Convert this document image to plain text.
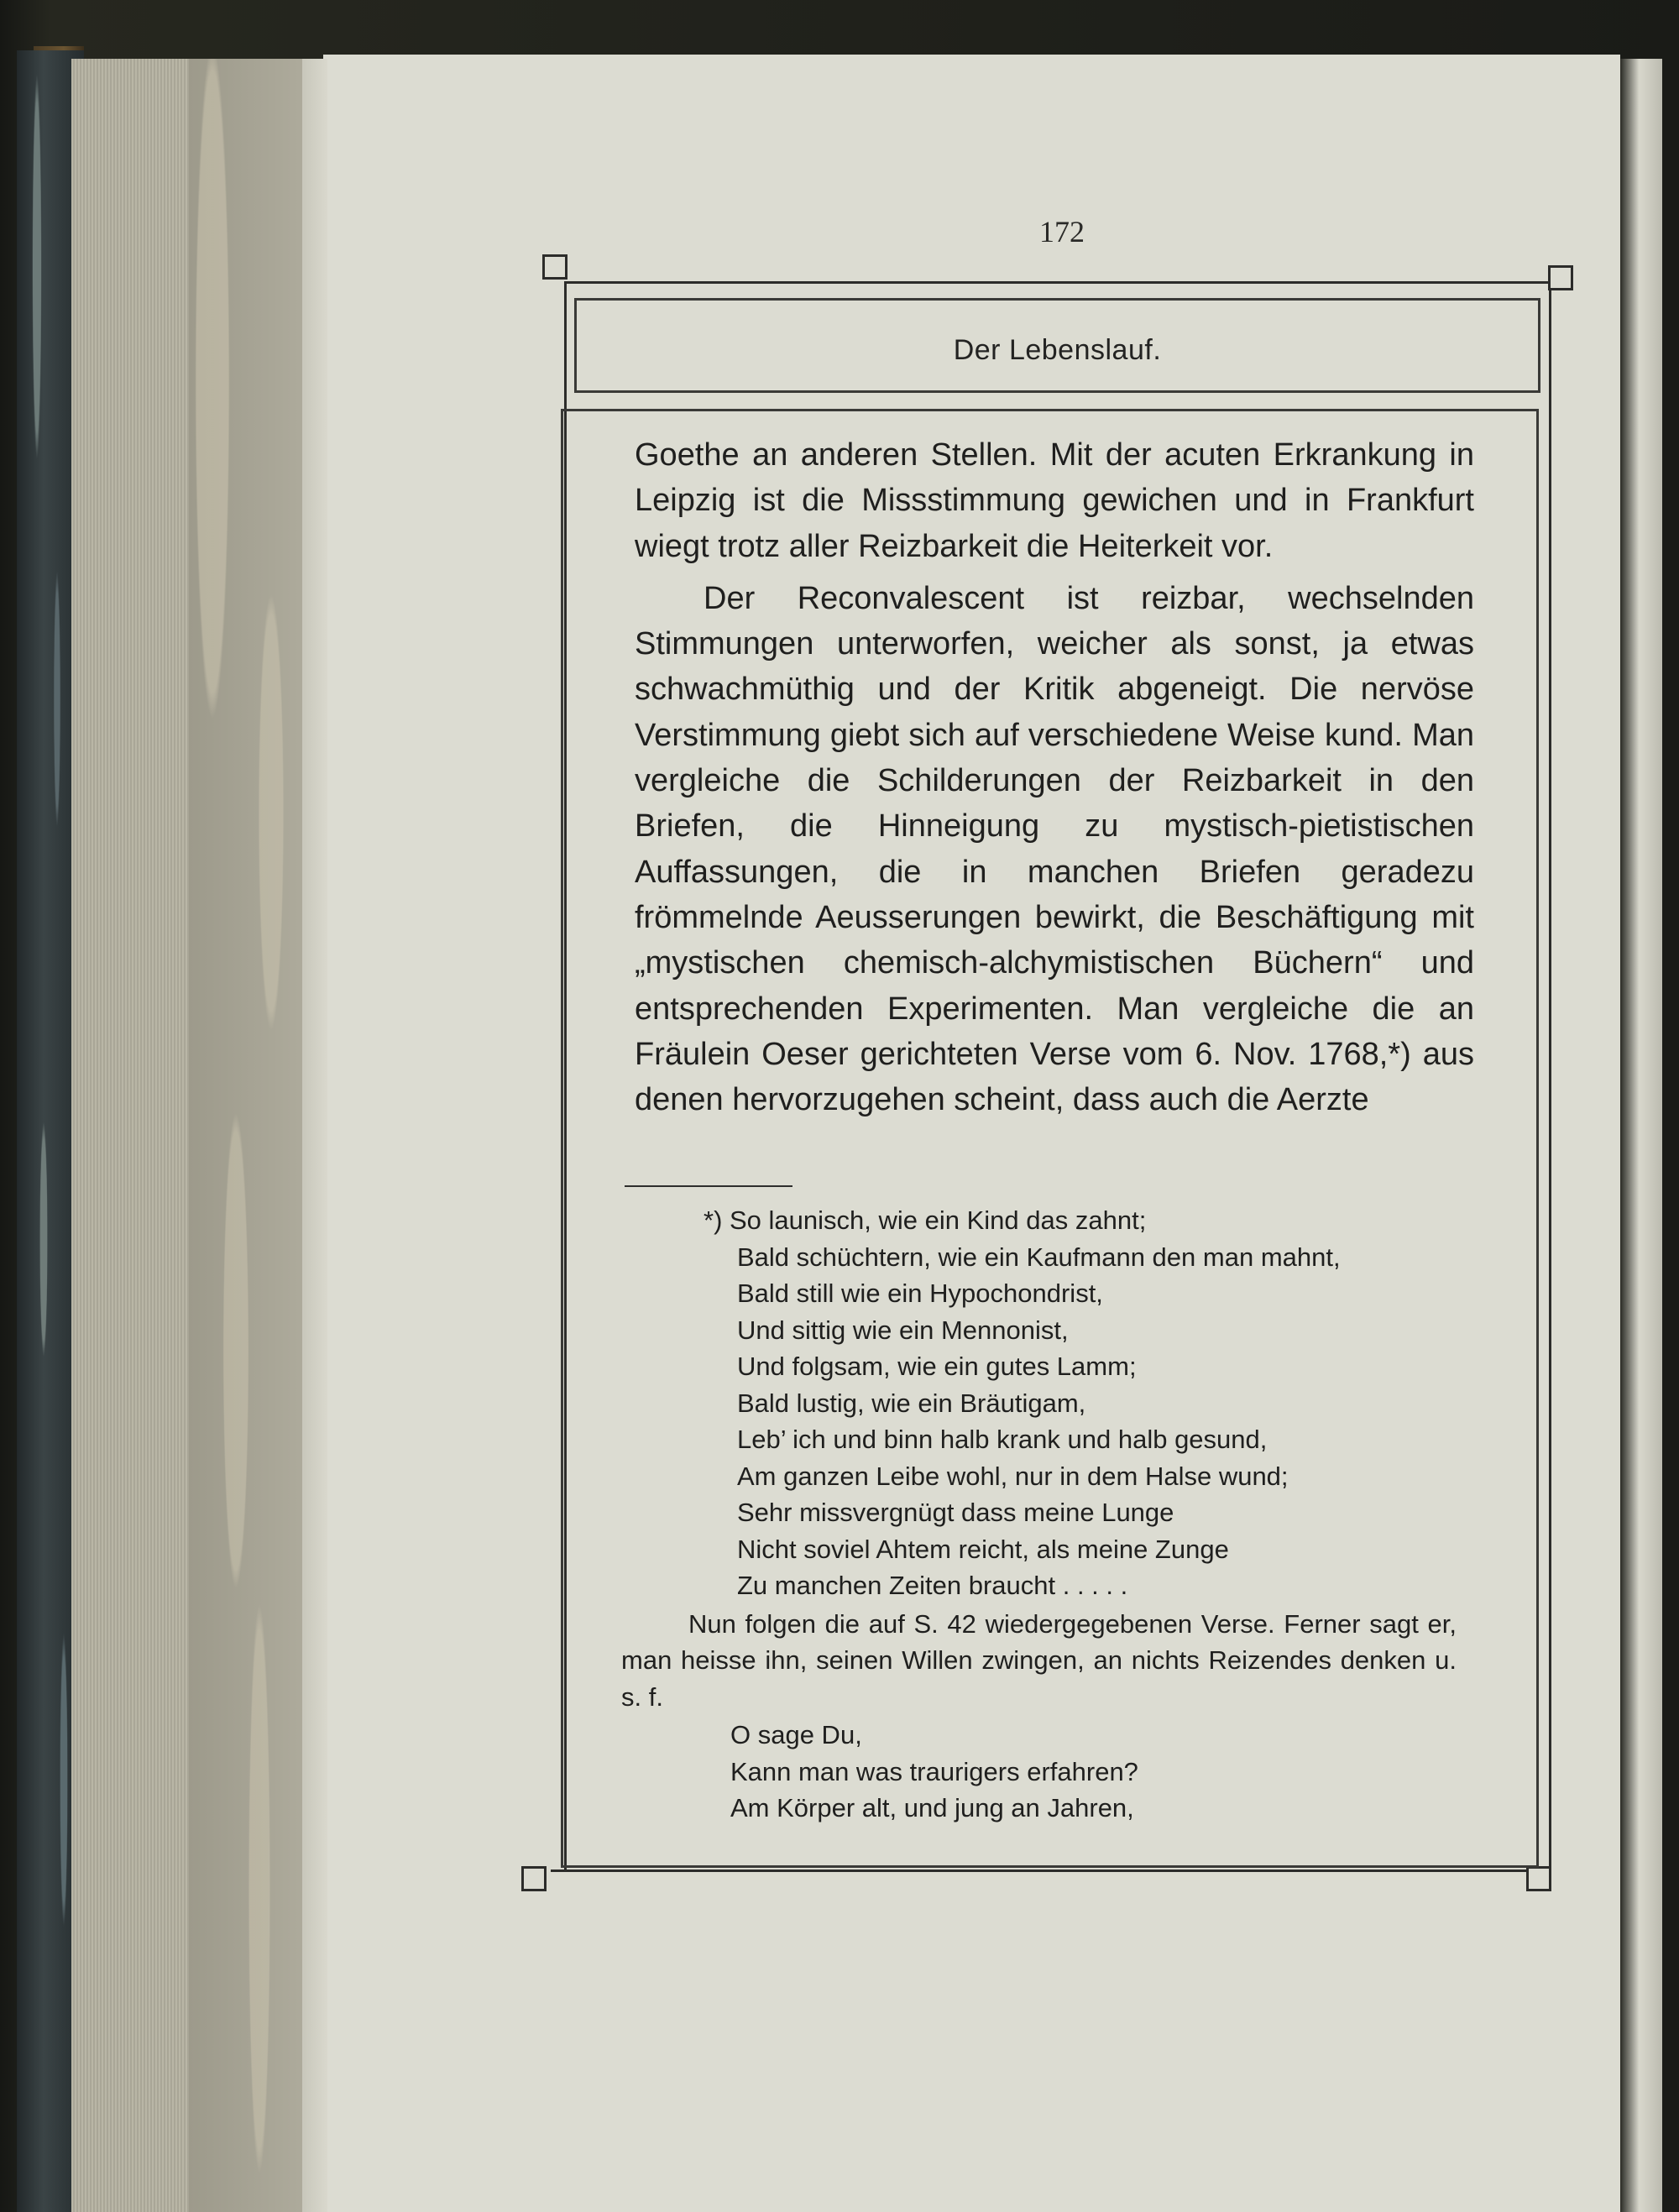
172
Der Lebenslauf.

Goethe an anderen Stellen. Mit der acuten Erkrankung in Leipzig ist die Missstimmung gewichen und in Frankfurt wiegt trotz aller Reizbarkeit die Heiterkeit vor.

Der Reconvalescent ist reizbar, wechselnden Stimmungen unterworfen, weicher als sonst, ja etwas schwachmüthig und der Kritik abgeneigt. Die nervöse Verstimmung giebt sich auf verschiedene Weise kund. Man vergleiche die Schilderungen der Reizbarkeit in den Briefen, die Hinneigung zu mystisch-pietistischen Auffassungen, die in manchen Briefen geradezu frömmelnde Aeusserungen bewirkt, die Beschäftigung mit „mystischen chemisch-alchymistischen Büchern“ und entsprechenden Experimenten. Man vergleiche die an Fräulein Oeser gerichteten Verse vom 6. Nov. 1768,*) aus denen hervorzugehen scheint, dass auch die Aerzte

*) So launisch, wie ein Kind das zahnt;
Bald schüchtern, wie ein Kaufmann den man mahnt,
Bald still wie ein Hypochondrist,
Und sittig wie ein Mennonist,
Und folgsam, wie ein gutes Lamm;
Bald lustig, wie ein Bräutigam,
Leb’ ich und binn halb krank und halb gesund,
Am ganzen Leibe wohl, nur in dem Halse wund;
Sehr missvergnügt dass meine Lunge
Nicht soviel Ahtem reicht, als meine Zunge
Zu manchen Zeiten braucht . . . . .
Nun folgen die auf S. 42 wiedergegebenen Verse. Ferner sagt er, man heisse ihn, seinen Willen zwingen, an nichts Reizendes denken u. s. f.
O sage Du,
Kann man was traurigers erfahren?
Am Körper alt, und jung an Jahren,
